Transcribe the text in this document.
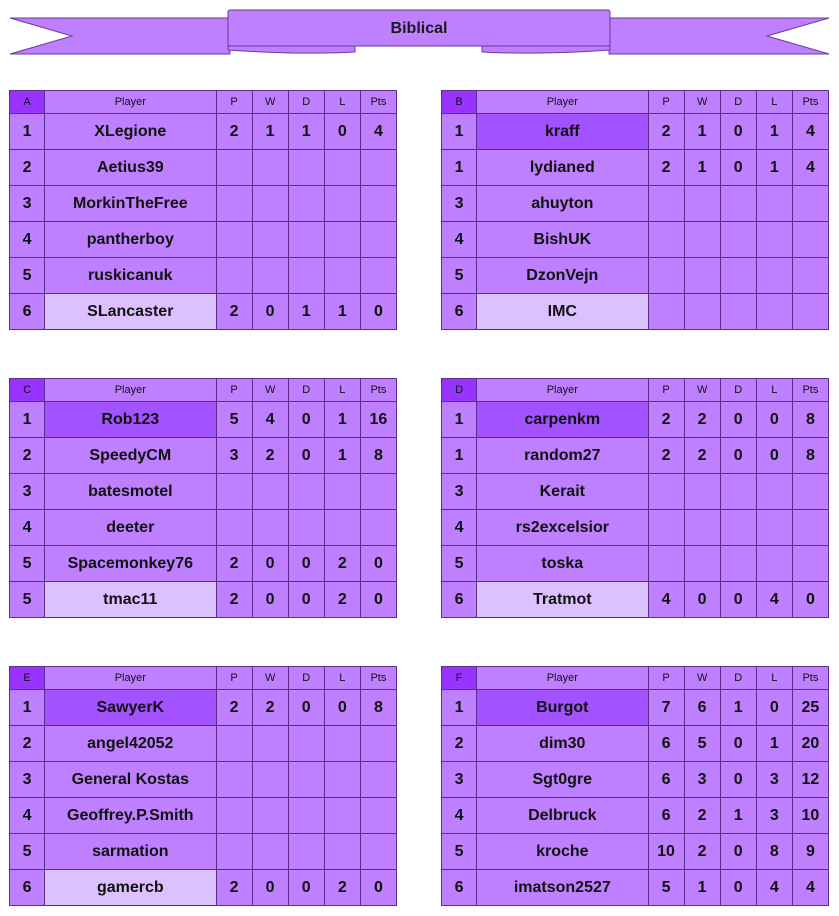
Biblical
A	Player	P	W	D	L	Pts
1	XLegione	2	1	1	0	4
2	Aetius39					
3	MorkinTheFree					
4	pantherboy					
5	ruskicanuk					
6	SLancaster	2	0	1	1	0
B	Player	P	W	D	L	Pts
1	kraff	2	1	0	1	4
1	lydianed	2	1	0	1	4
3	ahuyton					
4	BishUK					
5	DzonVejn					
6	IMC					
C	Player	P	W	D	L	Pts
1	Rob123	5	4	0	1	16
2	SpeedyCM	3	2	0	1	8
3	batesmotel					
4	deeter					
5	Spacemonkey76	2	0	0	2	0
5	tmac11	2	0	0	2	0
D	Player	P	W	D	L	Pts
1	carpenkm	2	2	0	0	8
1	random27	2	2	0	0	8
3	Kerait					
4	rs2excelsior					
5	toska					
6	Tratmot	4	0	0	4	0
E	Player	P	W	D	L	Pts
1	SawyerK	2	2	0	0	8
2	angel42052					
3	General Kostas					
4	Geoffrey.P.Smith					
5	sarmation					
6	gamercb	2	0	0	2	0
F	Player	P	W	D	L	Pts
1	Burgot	7	6	1	0	25
2	dim30	6	5	0	1	20
3	Sgt0gre	6	3	0	3	12
4	Delbruck	6	2	1	3	10
5	kroche	10	2	0	8	9
6	imatson2527	5	1	0	4	4
